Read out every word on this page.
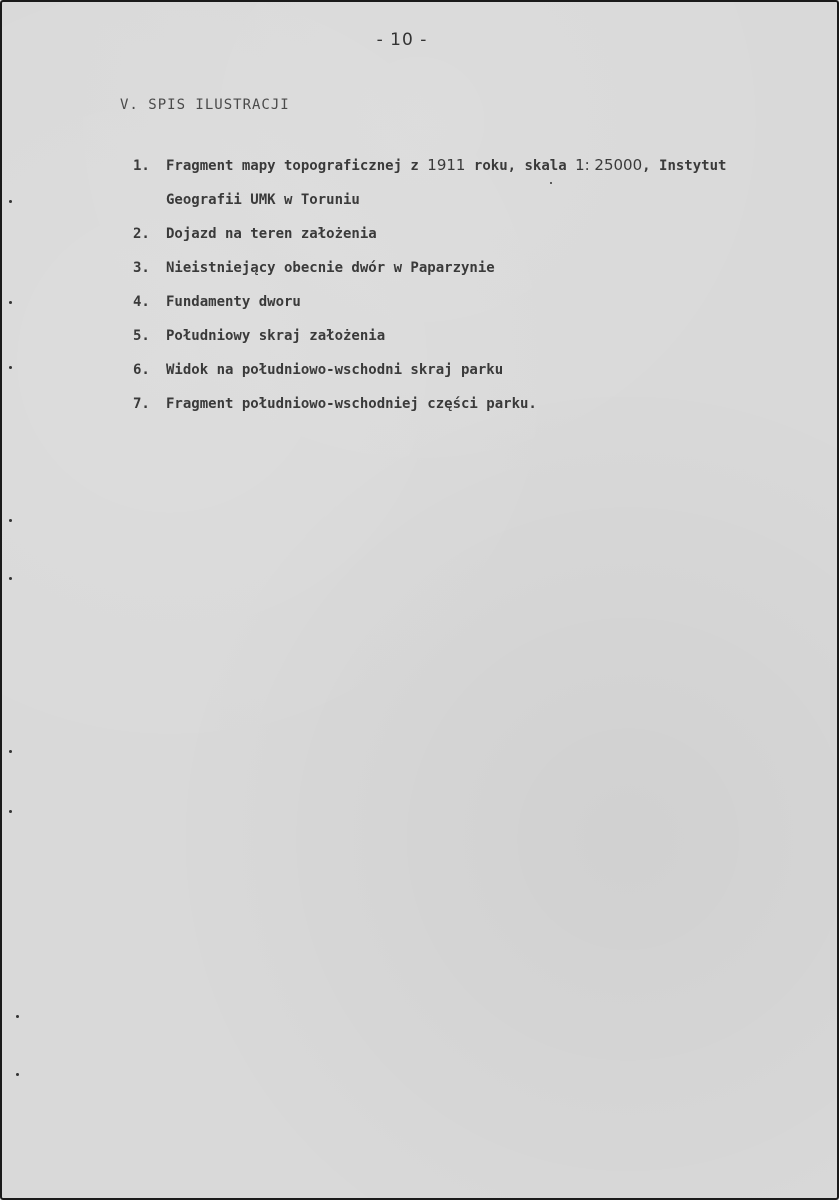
- 10 -
V. SPIS ILUSTRACJI
1. Fragment mapy topograficznej z 1911 roku, skala 1: 25000, Instytut
Geografii UMK w Toruniu
2. Dojazd na teren założenia
3. Nieistniejący obecnie dwór w Paparzynie
4. Fundamenty dworu
5. Południowy skraj założenia
6. Widok na południowo-wschodni skraj parku
7. Fragment południowo-wschodniej części parku.
